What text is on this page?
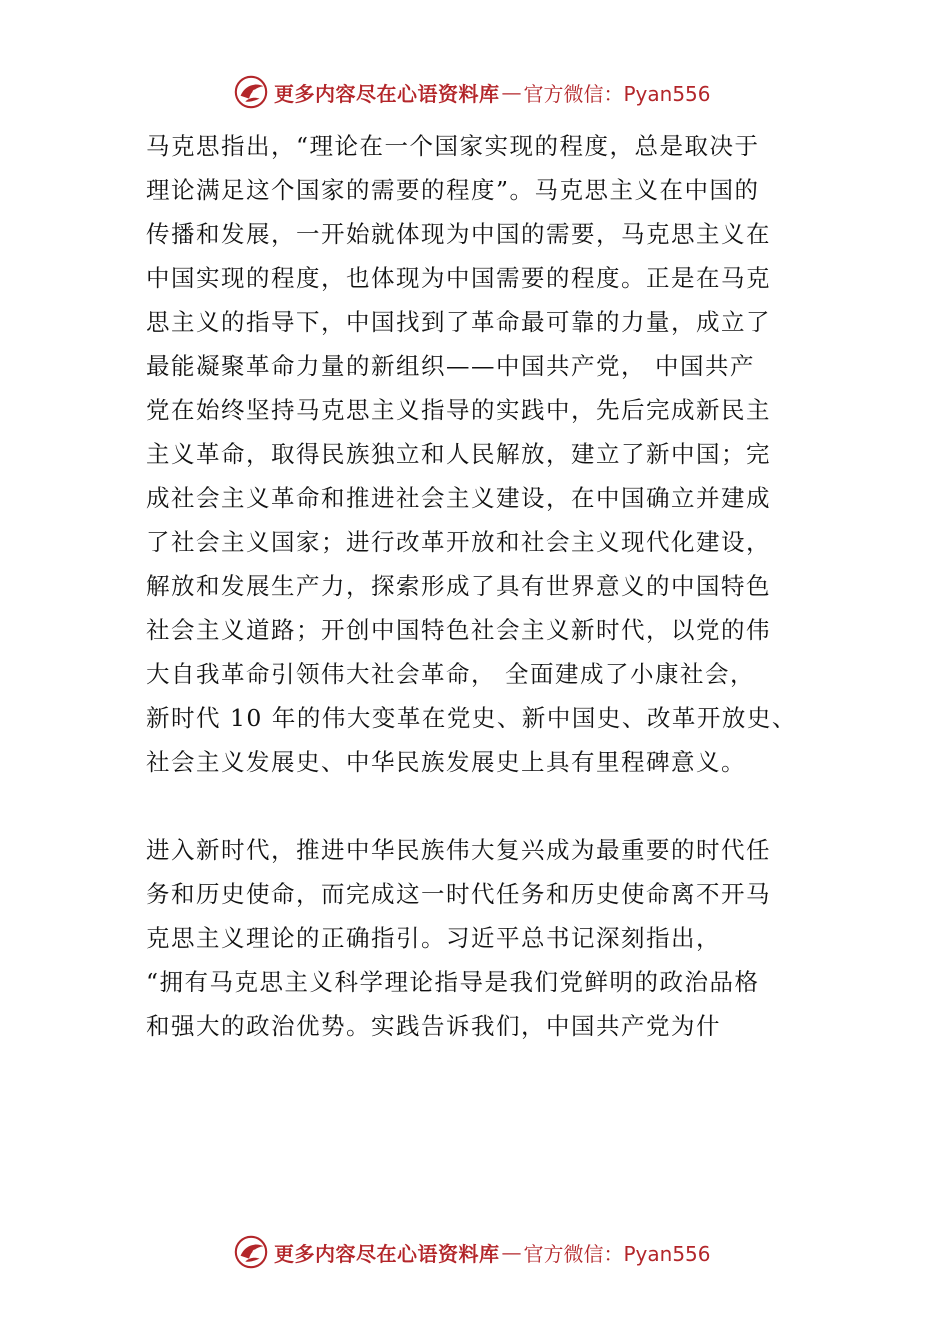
更多内容尽在心语资料库 — 官方微信：Pyan556
马克思指出，“理论在一个国家实现的程度，总是取决于
理论满足这个国家的需要的程度”。马克思主义在中国的
传播和发展，一开始就体现为中国的需要，马克思主义在
中国实现的程度，也体现为中国需要的程度。正是在马克
思主义的指导下，中国找到了革命最可靠的力量，成立了
最能凝聚革命力量的新组织——中国共产党， 中国共产
党在始终坚持马克思主义指导的实践中，先后完成新民主
主义革命，取得民族独立和人民解放，建立了新中国；完
成社会主义革命和推进社会主义建设，在中国确立并建成
了社会主义国家；进行改革开放和社会主义现代化建设，
解放和发展生产力，探索形成了具有世界意义的中国特色
社会主义道路；开创中国特色社会主义新时代，以党的伟
大自我革命引领伟大社会革命， 全面建成了小康社会，
新时代 10 年的伟大变革在党史、新中国史、改革开放史、
社会主义发展史、中华民族发展史上具有里程碑意义。
进入新时代，推进中华民族伟大复兴成为最重要的时代任
务和历史使命，而完成这一时代任务和历史使命离不开马
克思主义理论的正确指引。习近平总书记深刻指出，
“拥有马克思主义科学理论指导是我们党鲜明的政治品格
和强大的政治优势。实践告诉我们，中国共产党为什
更多内容尽在心语资料库 — 官方微信：Pyan556
